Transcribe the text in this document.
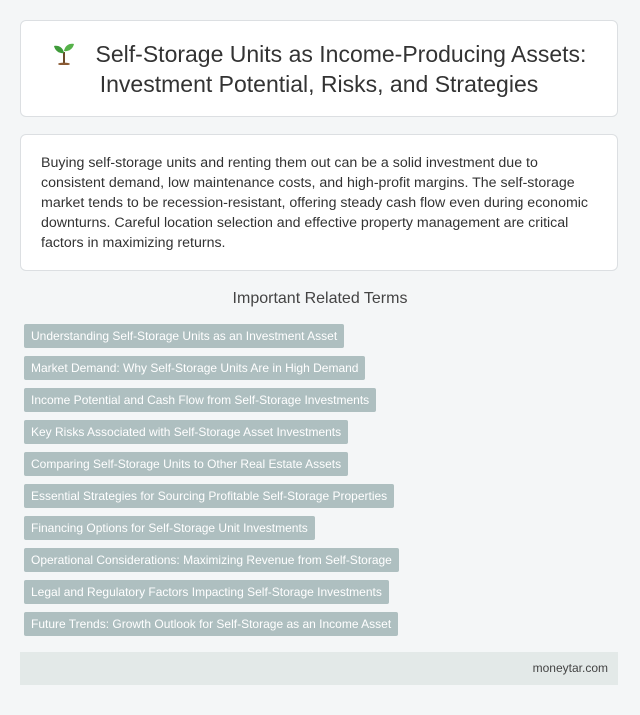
Self-Storage Units as Income-Producing Assets: Investment Potential, Risks, and Strategies

Buying self-storage units and renting them out can be a solid investment due to consistent demand, low maintenance costs, and high-profit margins. The self-storage market tends to be recession-resistant, offering steady cash flow even during economic downturns. Careful location selection and effective property management are critical factors in maximizing returns.

Important Related Terms
Understanding Self-Storage Units as an Investment Asset
Market Demand: Why Self-Storage Units Are in High Demand
Income Potential and Cash Flow from Self-Storage Investments
Key Risks Associated with Self-Storage Asset Investments
Comparing Self-Storage Units to Other Real Estate Assets
Essential Strategies for Sourcing Profitable Self-Storage Properties
Financing Options for Self-Storage Unit Investments
Operational Considerations: Maximizing Revenue from Self-Storage
Legal and Regulatory Factors Impacting Self-Storage Investments
Future Trends: Growth Outlook for Self-Storage as an Income Asset
moneytar.com
